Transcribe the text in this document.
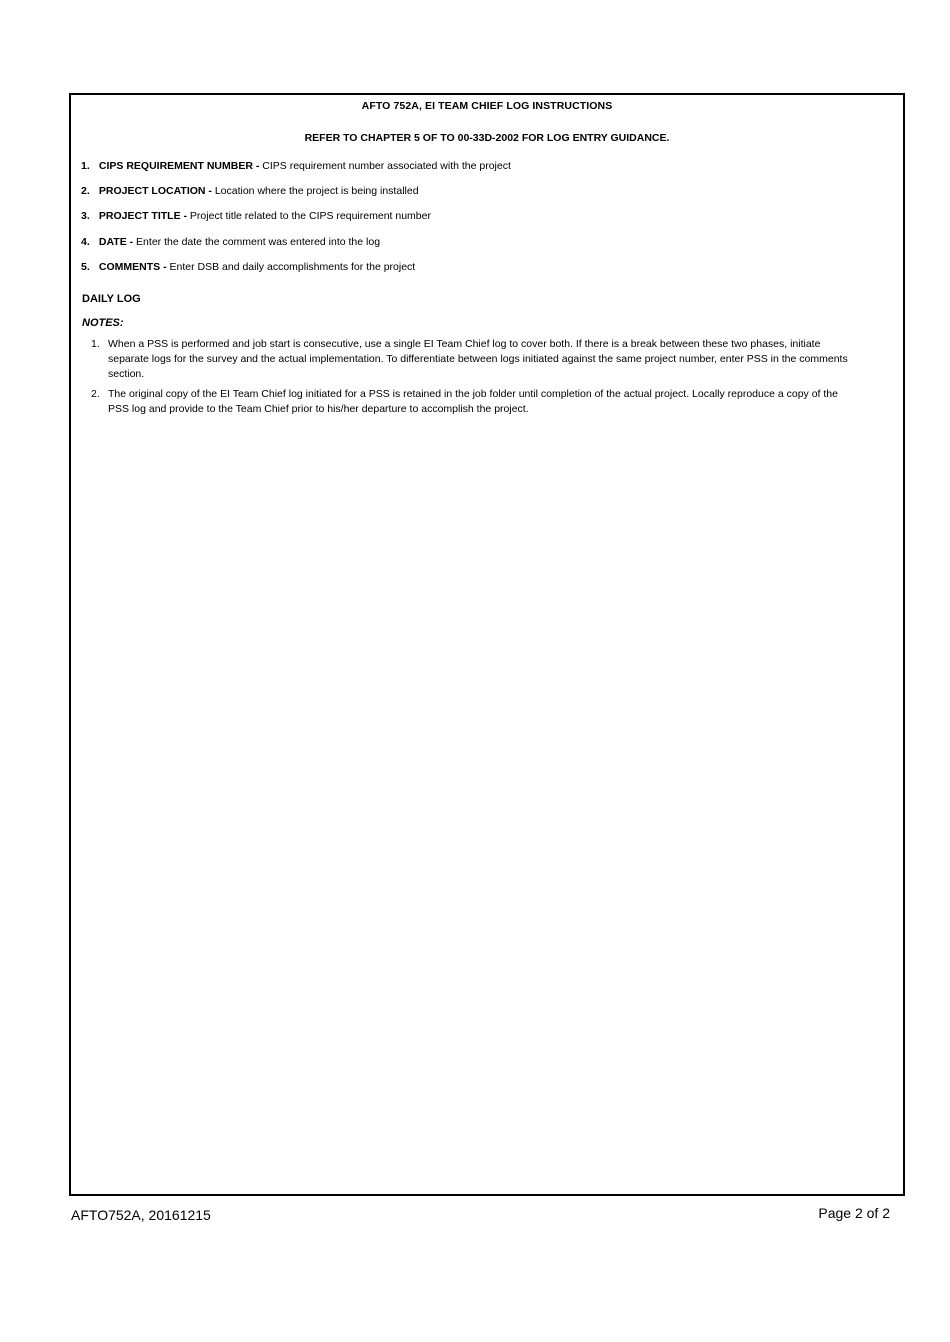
AFTO 752A, EI TEAM CHIEF LOG INSTRUCTIONS
REFER TO CHAPTER 5 OF TO 00-33D-2002 FOR LOG ENTRY GUIDANCE.
1. CIPS REQUIREMENT NUMBER - CIPS requirement number associated with the project
2. PROJECT LOCATION - Location where the project is being installed
3. PROJECT TITLE - Project title related to the CIPS requirement number
4. DATE - Enter the date the comment was entered into the log
5. COMMENTS - Enter DSB and daily accomplishments for the project
DAILY LOG
NOTES:
1. When a PSS is performed and job start is consecutive, use a single EI Team Chief log to cover both. If there is a break between these two phases, initiate separate logs for the survey and the actual implementation. To differentiate between logs initiated against the same project number, enter PSS in the comments section.
2. The original copy of the EI Team Chief log initiated for a PSS is retained in the job folder until completion of the actual project. Locally reproduce a copy of the PSS log and provide to the Team Chief prior to his/her departure to accomplish the project.
AFTO752A, 20161215	Page 2 of 2
